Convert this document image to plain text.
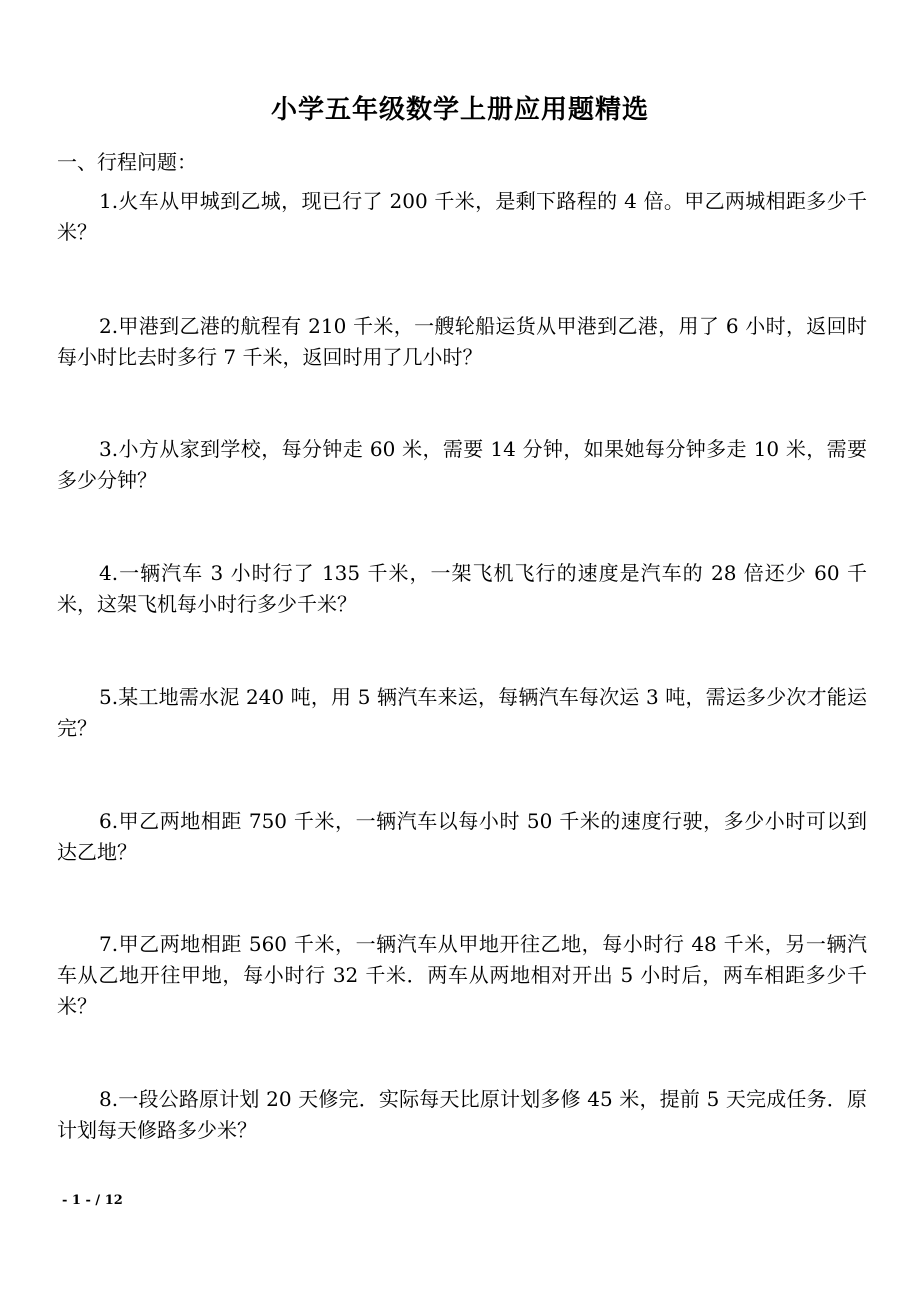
小学五年级数学上册应用题精选
一、行程问题：

1.火车从甲城到乙城，现已行了 200 千米，是剩下路程的 4 倍。甲乙两城相距多少千米？

2.甲港到乙港的航程有 210 千米，一艘轮船运货从甲港到乙港，用了 6 小时，返回时每小时比去时多行 7 千米，返回时用了几小时？

3.小方从家到学校，每分钟走 60 米，需要 14 分钟，如果她每分钟多走 10 米，需要多少分钟？

4.一辆汽车 3 小时行了 135 千米，一架飞机飞行的速度是汽车的 28 倍还少 60 千米，这架飞机每小时行多少千米？

5.某工地需水泥 240 吨，用 5 辆汽车来运，每辆汽车每次运 3 吨，需运多少次才能运完？

6.甲乙两地相距 750 千米，一辆汽车以每小时 50 千米的速度行驶，多少小时可以到达乙地？

7.甲乙两地相距 560 千米，一辆汽车从甲地开往乙地，每小时行 48 千米，另一辆汽车从乙地开往甲地，每小时行 32 千米．两车从两地相对开出 5 小时后，两车相距多少千米？

8.一段公路原计划 20 天修完．实际每天比原计划多修 45 米，提前 5 天完成任务．原计划每天修路多少米？

- 1 - / 12
